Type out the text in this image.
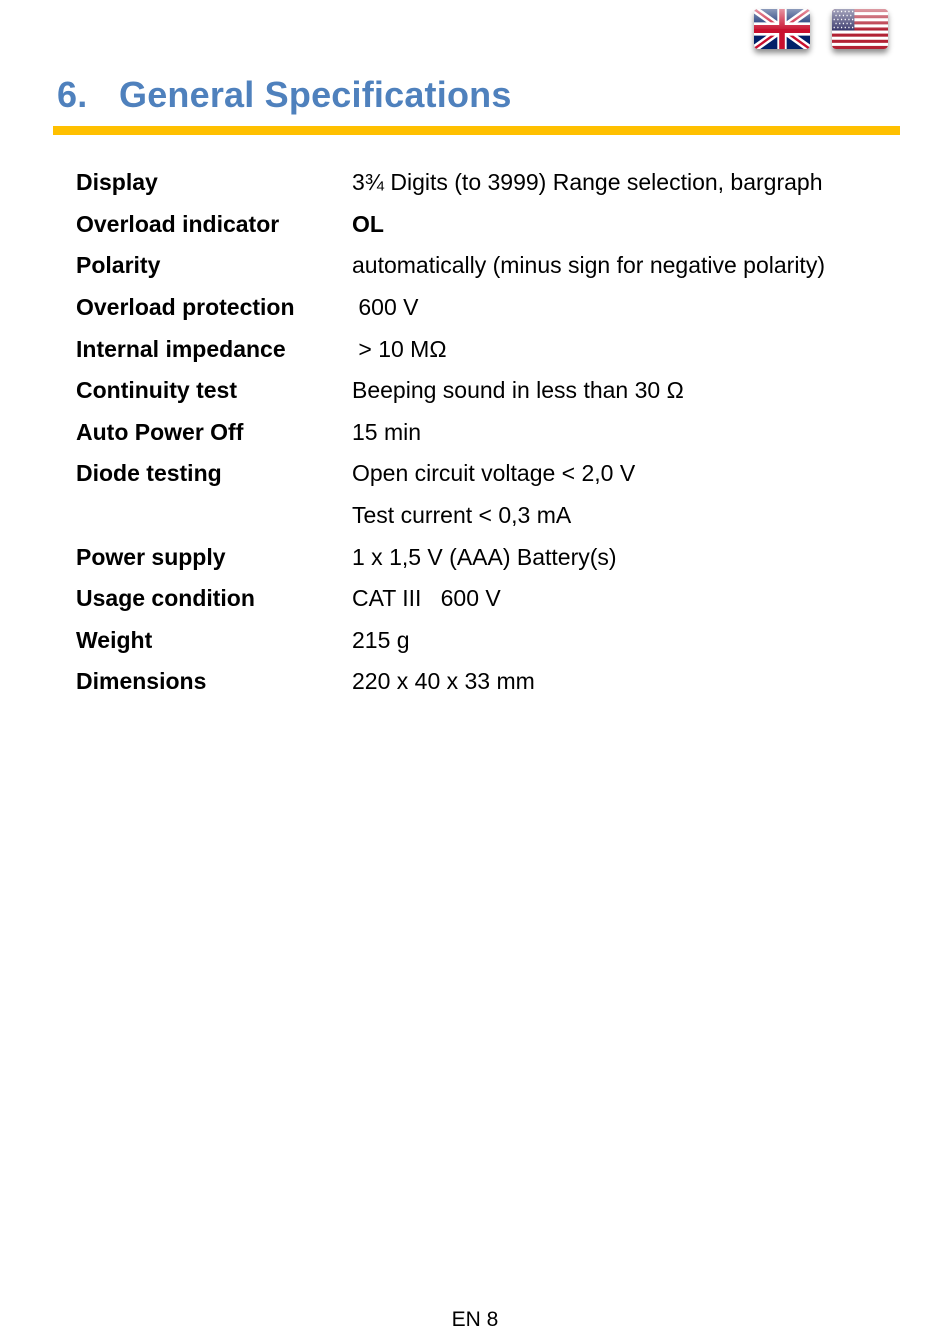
6. General Specifications
Display	3¾ Digits (to 3999) Range selection, bargraph
Overload indicator	OL
Polarity	automatically (minus sign for negative polarity)
Overload protection	600 V
Internal impedance	> 10 MΩ
Continuity test	Beeping sound in less than 30 Ω
Auto Power Off	15 min
Diode testing	Open circuit voltage < 2,0 V
Test current < 0,3 mA
Power supply	1 x 1,5 V (AAA) Battery(s)
Usage condition	CAT III   600 V
Weight	215 g
Dimensions	220 x 40 x 33 mm
EN 8
